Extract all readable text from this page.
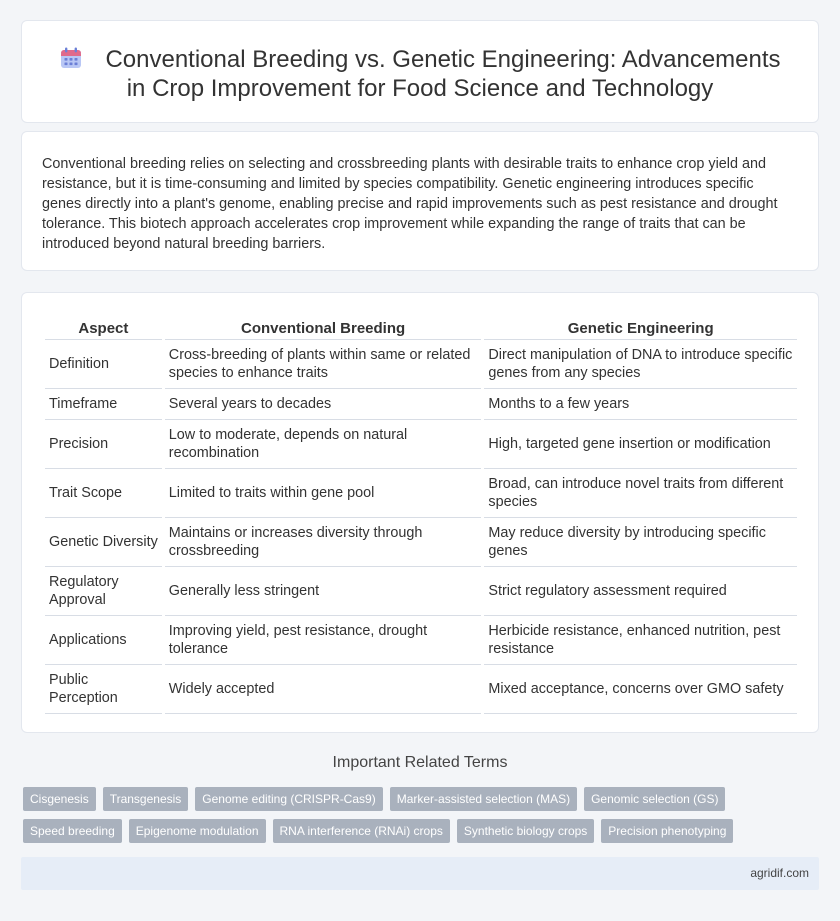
Conventional Breeding vs. Genetic Engineering: Advancements in Crop Improvement for Food Science and Technology

Conventional breeding relies on selecting and crossbreeding plants with desirable traits to enhance crop yield and resistance, but it is time-consuming and limited by species compatibility. Genetic engineering introduces specific genes directly into a plant's genome, enabling precise and rapid improvements such as pest resistance and drought tolerance. This biotech approach accelerates crop improvement while expanding the range of traits that can be introduced beyond natural breeding barriers.

Aspect	Conventional Breeding	Genetic Engineering
Definition	Cross-breeding of plants within same or related species to enhance traits	Direct manipulation of DNA to introduce specific genes from any species
Timeframe	Several years to decades	Months to a few years
Precision	Low to moderate, depends on natural recombination	High, targeted gene insertion or modification
Trait Scope	Limited to traits within gene pool	Broad, can introduce novel traits from different species
Genetic Diversity	Maintains or increases diversity through crossbreeding	May reduce diversity by introducing specific genes
Regulatory Approval	Generally less stringent	Strict regulatory assessment required
Applications	Improving yield, pest resistance, drought tolerance	Herbicide resistance, enhanced nutrition, pest resistance
Public Perception	Widely accepted	Mixed acceptance, concerns over GMO safety
Important Related Terms
Cisgenesis	Transgenesis	Genome editing (CRISPR-Cas9)	Marker-assisted selection (MAS)	Genomic selection (GS)
Speed breeding	Epigenome modulation	RNA interference (RNAi) crops	Synthetic biology crops	Precision phenotyping
agridif.com
